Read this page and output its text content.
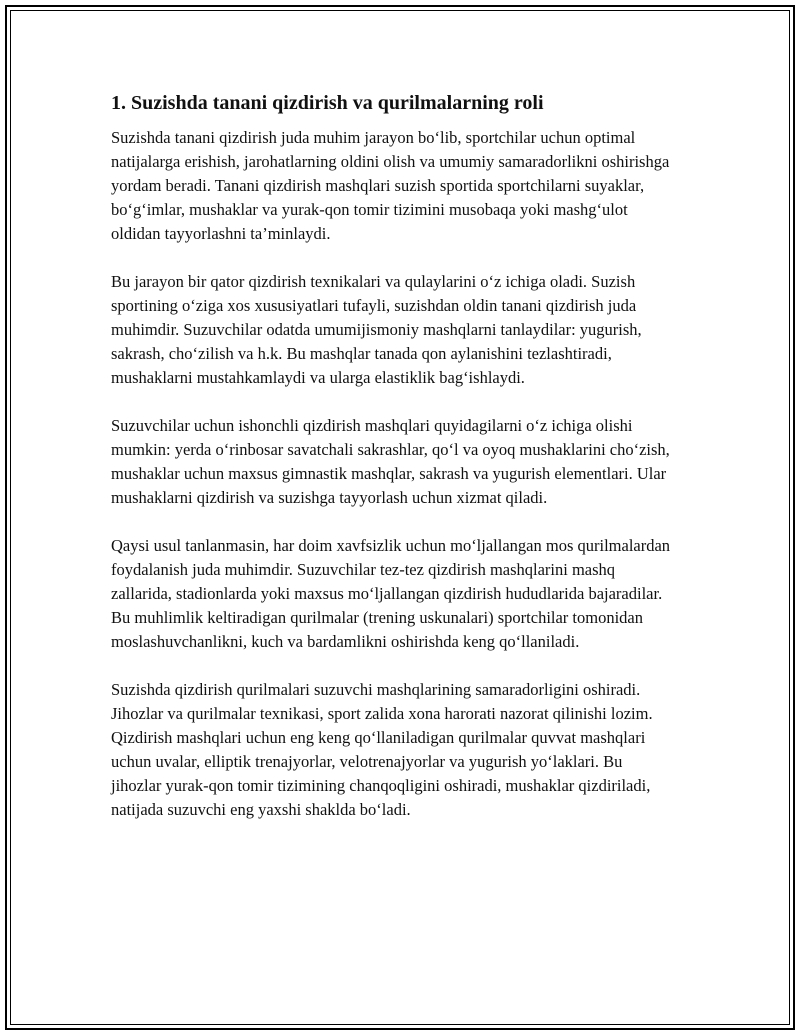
1. Suzishda tanani qizdirish va qurilmalarning roli

Suzishda tanani qizdirish juda muhim jarayon bo‘lib, sportchilar uchun optimal natijalarga erishish, jarohatlarning oldini olish va umumiy samaradorlikni oshirishga yordam beradi. Tanani qizdirish mashqlari suzish sportida sportchilarni suyaklar, bo‘g‘imlar, mushaklar va yurak-qon tomir tizimini musobaqa yoki mashg‘ulot oldidan tayyorlashni ta’minlaydi.

Bu jarayon bir qator qizdirish texnikalari va qulaylarini o‘z ichiga oladi. Suzish sportining o‘ziga xos xususiyatlari tufayli, suzishdan oldin tanani qizdirish juda muhimdir. Suzuvchilar odatda umumijismoniy mashqlarni tanlaydilar: yugurish, sakrash, cho‘zilish va h.k. Bu mashqlar tanada qon aylanishini tezlashtiradi, mushaklarni mustahkamlaydi va ularga elastiklik bag‘ishlaydi.

Suzuvchilar uchun ishonchli qizdirish mashqlari quyidagilarni o‘z ichiga olishi mumkin: yerda o‘rinbosar savatchali sakrashlar, qo‘l va oyoq mushaklarini cho‘zish, mushaklar uchun maxsus gimnastik mashqlar, sakrash va yugurish elementlari. Ular mushaklarni qizdirish va suzishga tayyorlash uchun xizmat qiladi.

Qaysi usul tanlanmasin, har doim xavfsizlik uchun mo‘ljallangan mos qurilmalardan foydalanish juda muhimdir. Suzuvchilar tez-tez qizdirish mashqlarini mashq zallarida, stadionlarda yoki maxsus mo‘ljallangan qizdirish hududlarida bajaradilar. Bu muhlimlik keltiradigan qurilmalar (trening uskunalari) sportchilar tomonidan moslashuvchanlikni, kuch va bardamlikni oshirishda keng qo‘llaniladi.

Suzishda qizdirish qurilmalari suzuvchi mashqlarining samaradorligini oshiradi. Jihozlar va qurilmalar texnikasi, sport zalida xona harorati nazorat qilinishi lozim. Qizdirish mashqlari uchun eng keng qo‘llaniladigan qurilmalar quvvat mashqlari uchun uvalar, elliptik trenajyorlar, velotrenajyorlar va yugurish yo‘laklari. Bu jihozlar yurak-qon tomir tizimining chanqoqligini oshiradi, mushaklar qizdiriladi, natijada suzuvchi eng yaxshi shaklda bo‘ladi.
